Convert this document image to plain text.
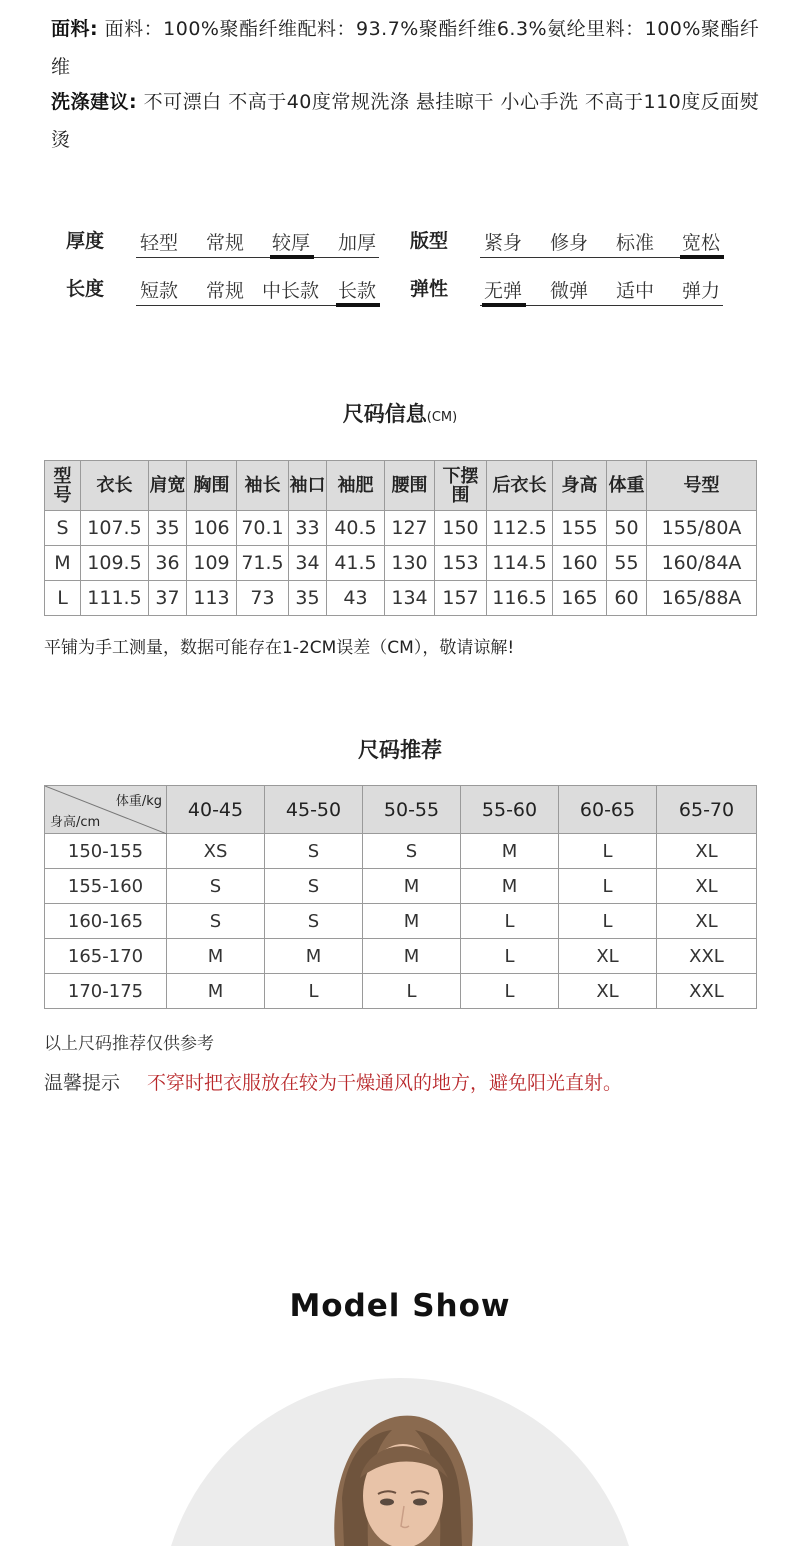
面料: 面料：100%聚酯纤维配料：93.7%聚酯纤维6.3%氨纶里料：100%聚酯纤维
洗涤建议: 不可漂白 不高于40度常规洗涤 悬挂晾干 小心手洗 不高于110度反面熨烫
厚度 轻型 常规 较厚 加厚 版型 紧身 修身 标准 宽松
长度 短款 常规 中长款 长款 弹性 无弹 微弹 适中 弹力
尺码信息(CM)
型号	衣长	肩宽	胸围	袖长	袖口	袖肥	腰围	下摆围	后衣长	身高	体重	号型
S	107.5	35	106	70.1	33	40.5	127	150	112.5	155	50	155/80A
M	109.5	36	109	71.5	34	41.5	130	153	114.5	160	55	160/84A
L	111.5	37	113	73	35	43	134	157	116.5	165	60	165/88A
平铺为手工测量，数据可能存在1-2CM误差（CM），敬请谅解!
尺码推荐
体重/kg
身高/cm	40-45	45-50	50-55	55-60	60-65	65-70
150-155	XS	S	S	M	L	XL
155-160	S	S	M	M	L	XL
160-165	S	S	M	L	L	XL
165-170	M	M	M	L	XL	XXL
170-175	M	L	L	L	XL	XXL
以上尺码推荐仅供参考
温馨提示 不穿时把衣服放在较为干燥通风的地方，避免阳光直射。
Model Show
